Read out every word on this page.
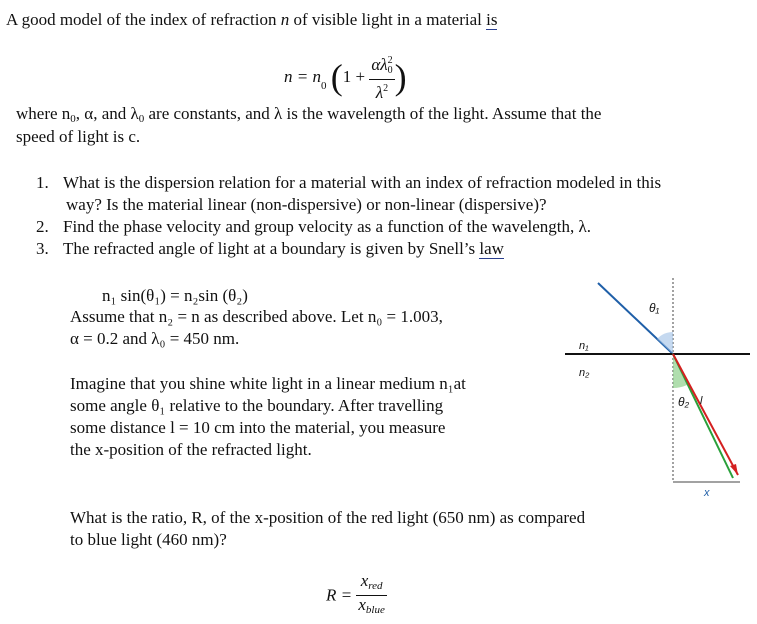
A good model of the index of refraction n of visible light in a material is
$n = n_0$ ($1 + \frac{\alpha\lambda^2_0}{\lambda^2}$ )
where $n_0$, α, and $\lambda_0$ are constants, and λ is the wavelength of the light. Assume that the
speed of light is c.
1. What is the dispersion relation for a material with an index of refraction modeled in this
way? Is the material linear (non-dispersive) or non-linear (dispersive)?
2. Find the phase velocity and group velocity as a function of the wavelength, λ.
3. The refracted angle of light at a boundary is given by Snell’s law
n₁ sin(θ₁) = n₂sin (θ₂)
Assume that n₂ = n as described above. Let n₀ = 1.003,
α = 0.2 and λ₀ = 450 nm.
Imagine that you shine white light in a linear medium n₁at
some angle θ₁ relative to the boundary. After travelling
some distance l = 10 cm into the material, you measure
the x-position of the refracted light.
n₁
n₂
θ₁
θ₂ l
x
What is the ratio, R, of the x-position of the red light (650 nm) as compared
to blue light (460 nm)?
$R = \frac{x_{red}}{x_{blue}}$
